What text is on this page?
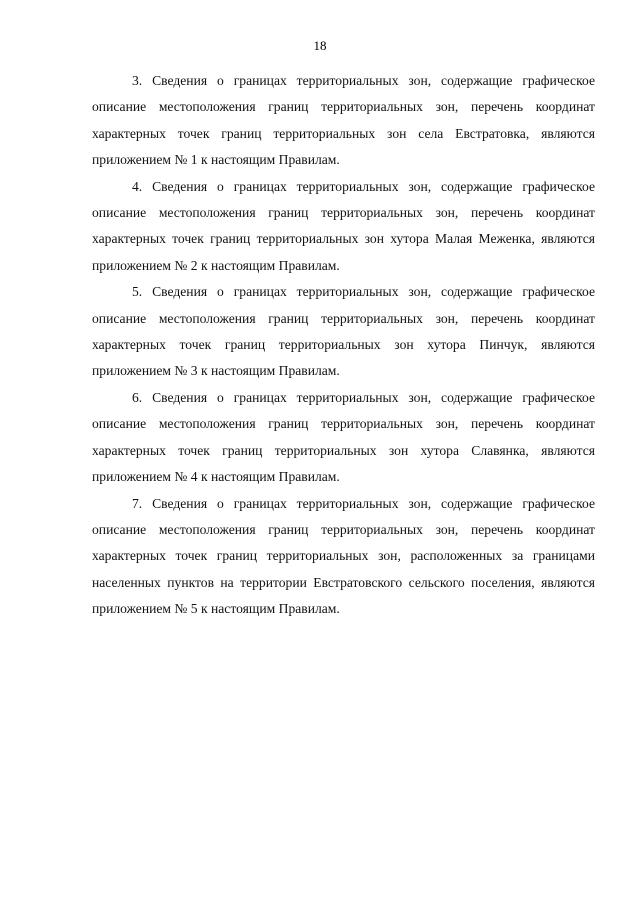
18

3. Сведения о границах территориальных зон, содержащие графическое описание местоположения границ территориальных зон, перечень координат характерных точек границ территориальных зон села Евстратовка, являются приложением № 1 к настоящим Правилам.

4. Сведения о границах территориальных зон, содержащие графическое описание местоположения границ территориальных зон, перечень координат характерных точек границ территориальных зон хутора Малая Меженка, являются приложением № 2 к настоящим Правилам.

5. Сведения о границах территориальных зон, содержащие графическое описание местоположения границ территориальных зон, перечень координат характерных точек границ территориальных зон хутора Пинчук, являются приложением № 3 к настоящим Правилам.

6. Сведения о границах территориальных зон, содержащие графическое описание местоположения границ территориальных зон, перечень координат характерных точек границ территориальных зон хутора Славянка, являются приложением № 4 к настоящим Правилам.

7. Сведения о границах территориальных зон, содержащие графическое описание местоположения границ территориальных зон, перечень координат характерных точек границ территориальных зон, расположенных за границами населенных пунктов на территории Евстратовского сельского поселения, являются приложением № 5 к настоящим Правилам.
